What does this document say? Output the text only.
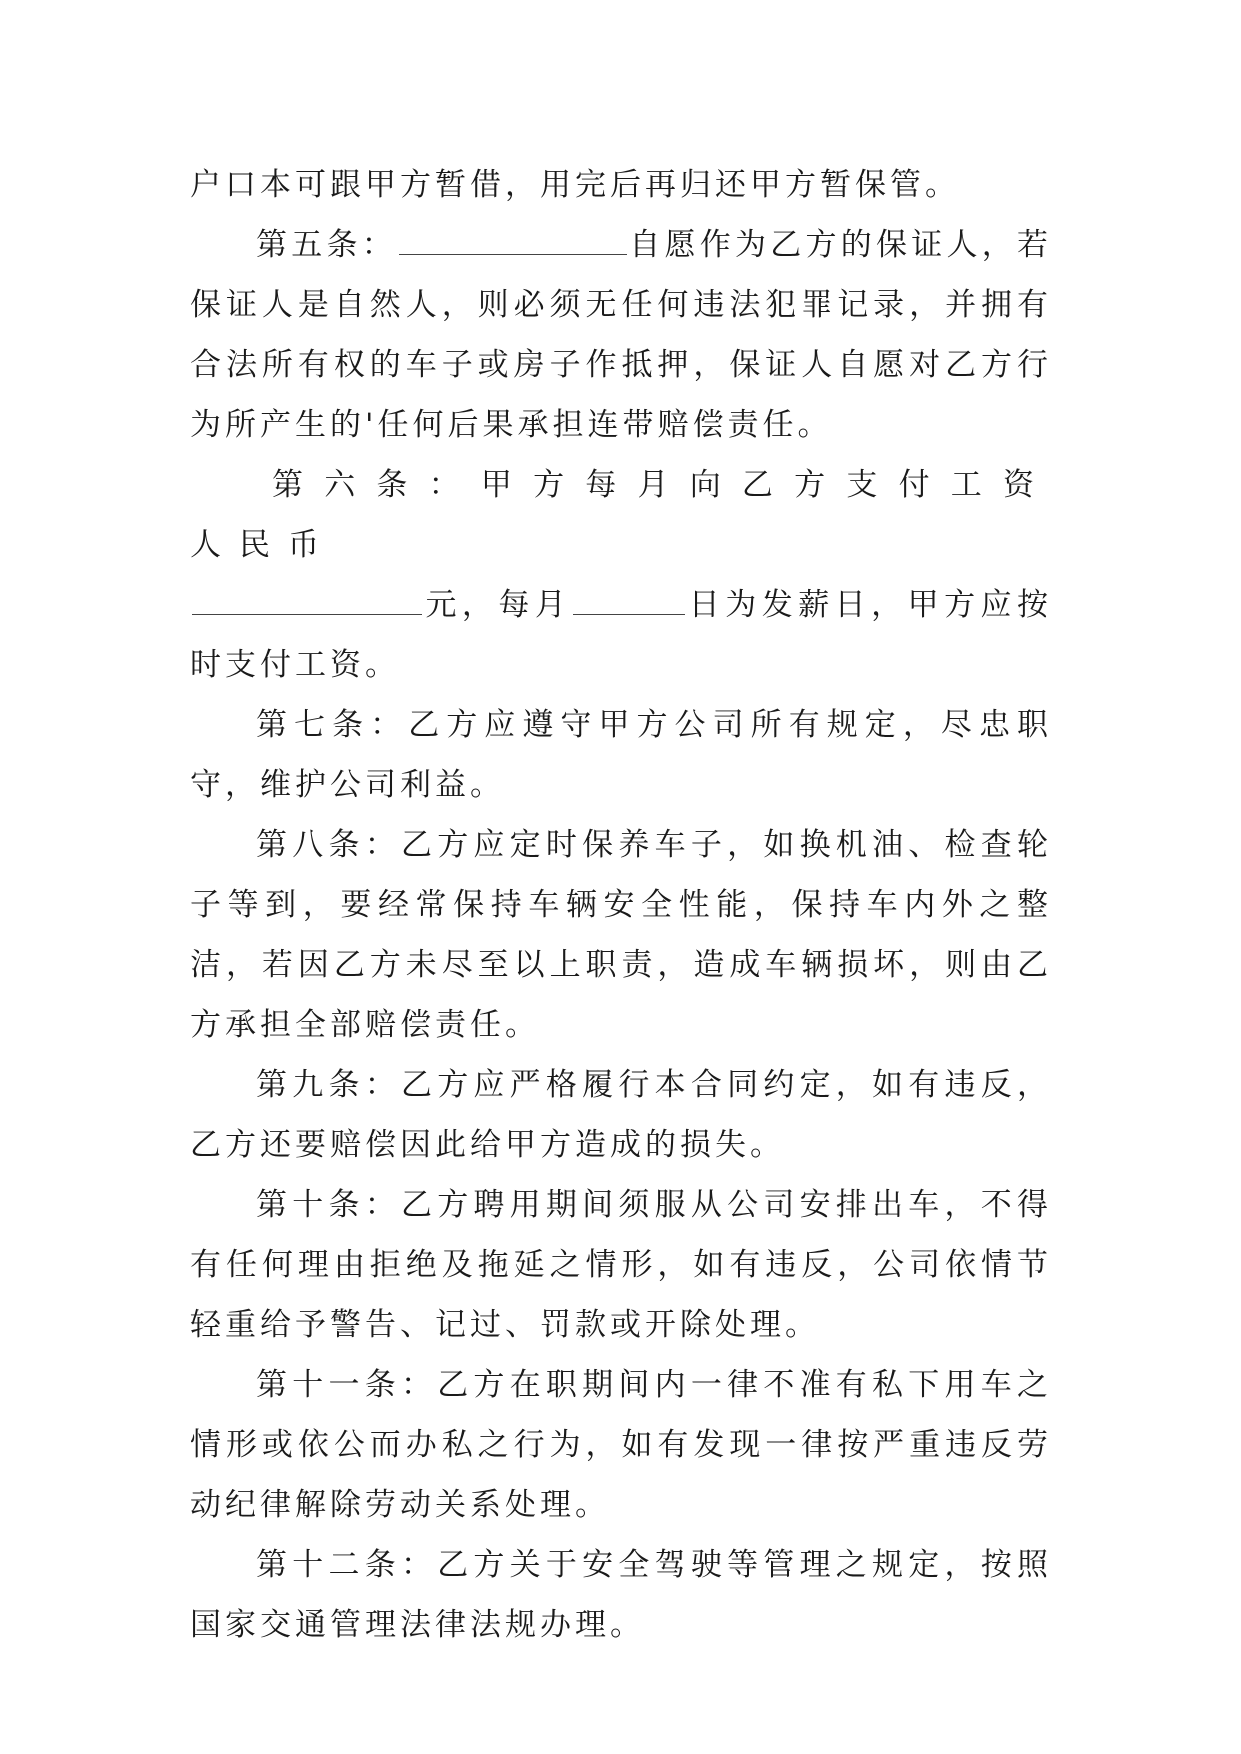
户口本可跟甲方暂借，用完后再归还甲方暂保管。

第五条：	自愿作为乙方的保证人，若保证人是自然人，则必须无任何违法犯罪记录，并拥有合法所有权的车子或房子作抵押，保证人自愿对乙方行为所产生的'任何后果承担连带赔偿责任。

第六条：甲方每月向乙方支付工资人民币

元，每月	日为发薪日，甲方应按时支付工资。

第七条：乙方应遵守甲方公司所有规定，尽忠职守，维护公司利益。

第八条：乙方应定时保养车子，如换机油、检查轮子等到，要经常保持车辆安全性能，保持车内外之整洁，若因乙方未尽至以上职责，造成车辆损坏，则由乙方承担全部赔偿责任。

第九条：乙方应严格履行本合同约定，如有违反，乙方还要赔偿因此给甲方造成的损失。

第十条：乙方聘用期间须服从公司安排出车，不得有任何理由拒绝及拖延之情形，如有违反，公司依情节轻重给予警告、记过、罚款或开除处理。

第十一条：乙方在职期间内一律不准有私下用车之情形或依公而办私之行为，如有发现一律按严重违反劳动纪律解除劳动关系处理。

第十二条：乙方关于安全驾驶等管理之规定，按照国家交通管理法律法规办理。
